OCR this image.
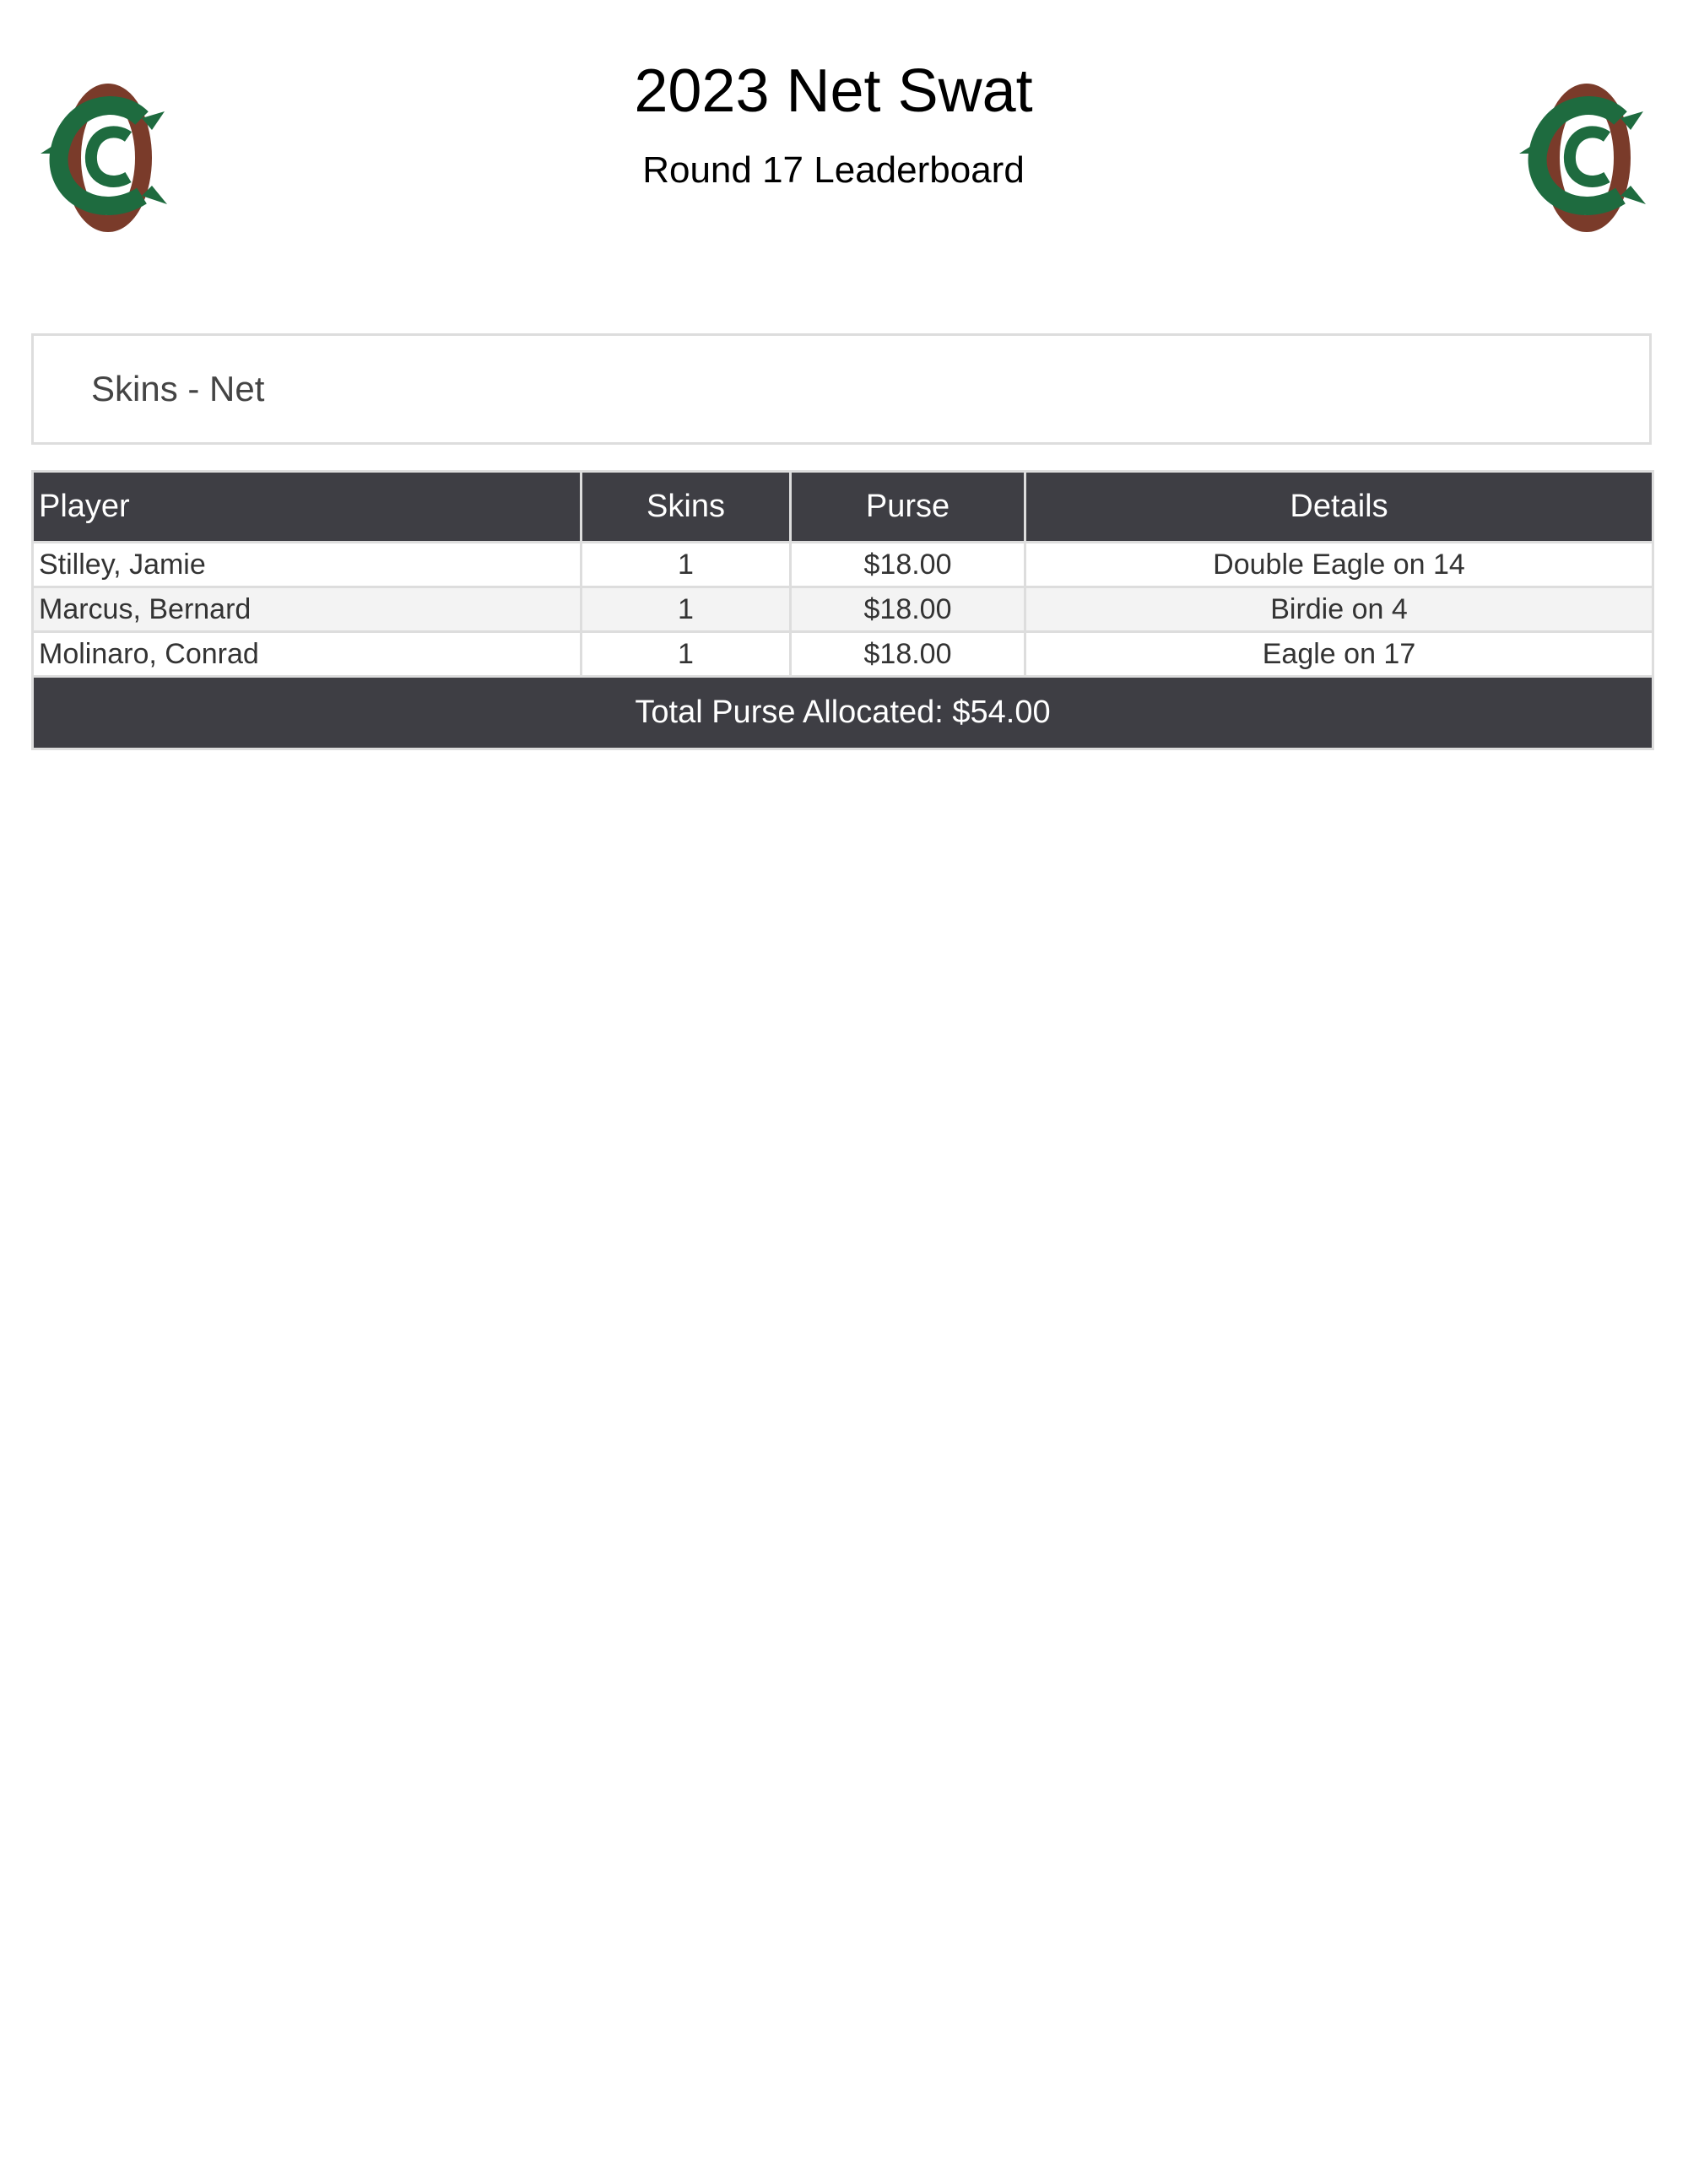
2023 Net Swat
Round 17 Leaderboard
Skins - Net
Player	Skins	Purse	Details
Stilley, Jamie	1	$18.00	Double Eagle on 14
Marcus, Bernard	1	$18.00	Birdie on 4
Molinaro, Conrad	1	$18.00	Eagle on 17
Total Purse Allocated: $54.00			
